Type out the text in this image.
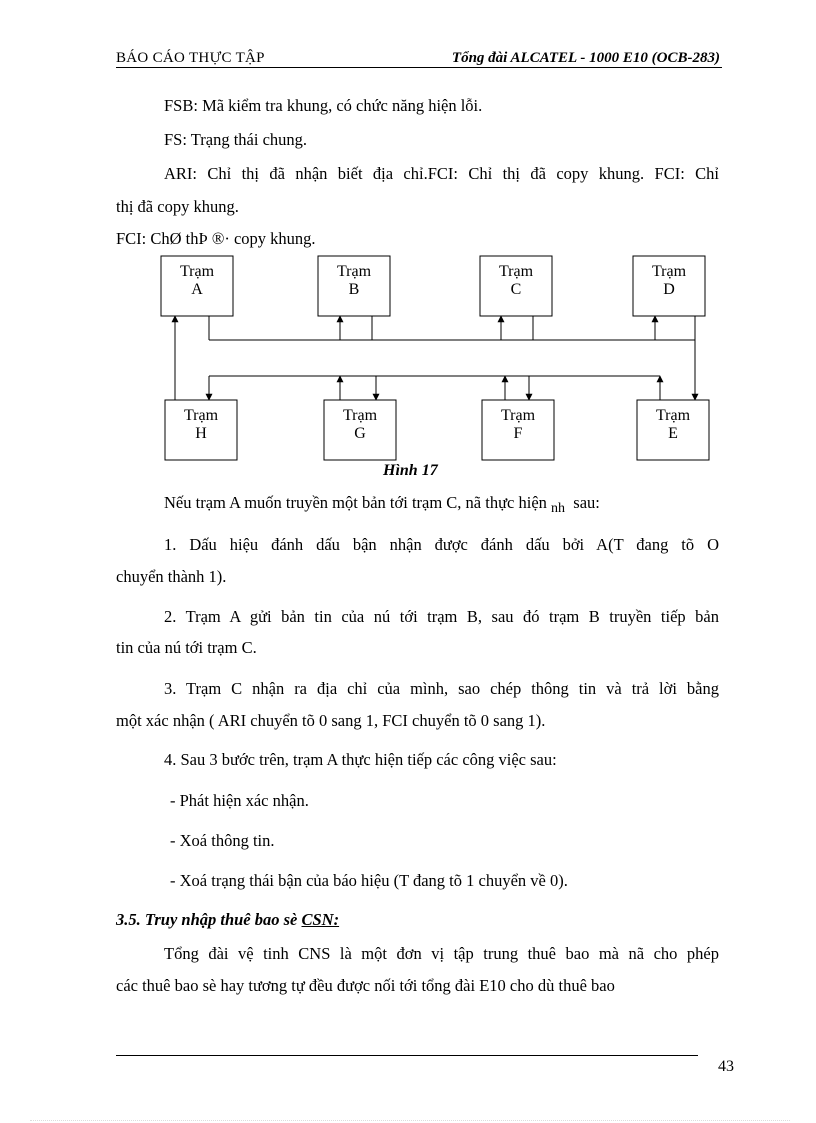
BÁO CÁO THỰC TẬP	Tổng đài ALCATEL - 1000 E10 (OCB-283)
FSB: Mã kiểm tra khung, có chức năng hiện lỗi.
FS: Trạng thái chung.
ARI: Chỉ thị đã nhận biết địa chỉ.FCI: Chỉ thị đã copy khung. FCI: Chỉ
thị đã copy khung.
FCI: ChØ thÞ ®· copy khung.
Trạm
A
Trạm
B
Trạm
C
Trạm
D
Trạm
H
Trạm
G
Trạm
F
Trạm
E
Hình 17
Nếu trạm A muốn truyền một bản tới trạm C, nã thực hiện $_{nh}$ sau:
1. Dấu hiệu đánh dấu bận nhận được đánh dấu bởi A(T đang tõ O
chuyển thành 1).
2. Trạm A gửi bản tin của nú tới trạm B, sau đó trạm B truyền tiếp bản
tin của nú tới trạm C.
3. Trạm C nhận ra địa chỉ của mình, sao chép thông tin và trả lời bằng
một xác nhận ( ARI chuyển tõ 0 sang 1, FCI chuyển tõ 0 sang 1).
4. Sau 3 bước trên, trạm A thực hiện tiếp các công việc sau:
- Phát hiện xác nhận.
- Xoá thông tin.
- Xoá trạng thái bận của báo hiệu (T đang tõ 1 chuyển về 0).
3.5. Truy nhập thuê bao sè CSN:
Tổng đài vệ tinh CNS là một đơn vị tập trung thuê bao mà nã cho phép
các thuê bao sè hay tương tự đều được nối tới tổng đài E10 cho dù thuê bao
43
